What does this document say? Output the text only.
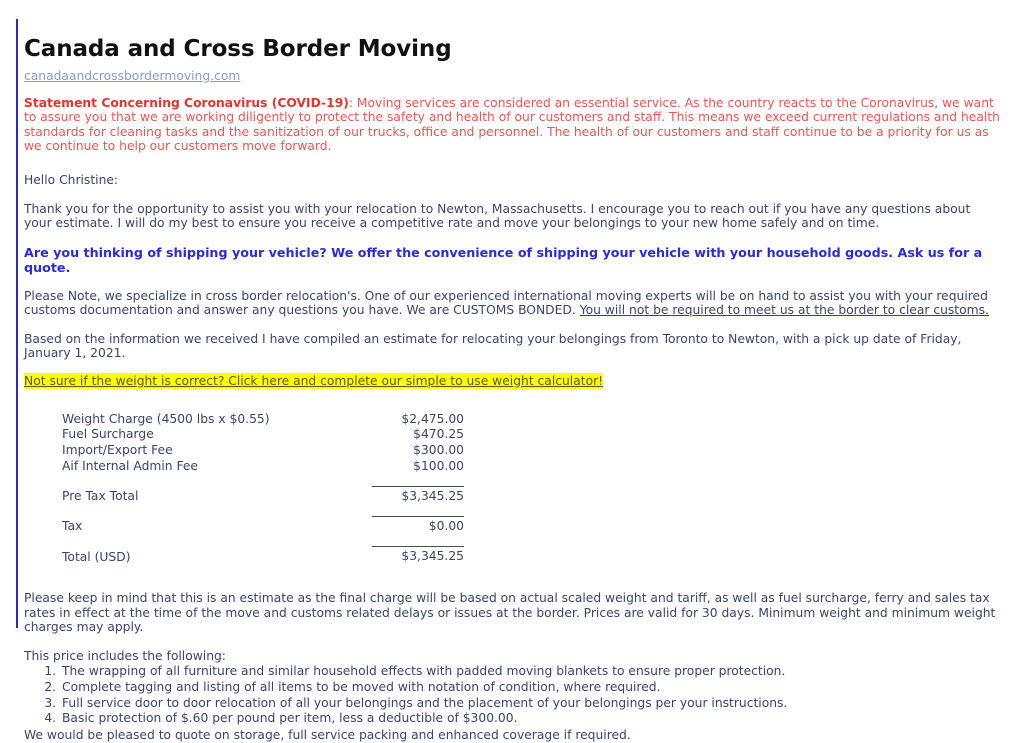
Canada and Cross Border Moving
canadaandcrossbordermoving.com

Statement Concerning Coronavirus (COVID-19): Moving services are considered an essential service. As the country reacts to the Coronavirus, we want to assure you that we are working diligently to protect the safety and health of our customers and staff. This means we exceed current regulations and health standards for cleaning tasks and the sanitization of our trucks, office and personnel. The health of our customers and staff continue to be a priority for us as we continue to help our customers move forward.

Hello Christine:

Thank you for the opportunity to assist you with your relocation to Newton, Massachusetts. I encourage you to reach out if you have any questions about your estimate. I will do my best to ensure you receive a competitive rate and move your belongings to your new home safely and on time.

Are you thinking of shipping your vehicle? We offer the convenience of shipping your vehicle with your household goods. Ask us for a quote.

Please Note, we specialize in cross border relocation's. One of our experienced international moving experts will be on hand to assist you with your required customs documentation and answer any questions you have. We are CUSTOMS BONDED. You will not be required to meet us at the border to clear customs.

Based on the information we received I have compiled an estimate for relocating your belongings from Toronto to Newton, with a pick up date of Friday, January 1, 2021.

Not sure if the weight is correct? Click here and complete our simple to use weight calculator!
Weight Charge (4500 lbs x $0.55)	$2,475.00
Fuel Surcharge	$470.25
Import/Export Fee	$300.00
Aif Internal Admin Fee	$100.00

Pre Tax Total	$3,345.25

Tax	$0.00

Total (USD)	$3,345.25

Please keep in mind that this is an estimate as the final charge will be based on actual scaled weight and tariff, as well as fuel surcharge, ferry and sales tax rates in effect at the time of the move and customs related delays or issues at the border. Prices are valid for 30 days. Minimum weight and minimum weight charges may apply.

This price includes the following:

1. The wrapping of all furniture and similar household effects with padded moving blankets to ensure proper protection.
2. Complete tagging and listing of all items to be moved with notation of condition, where required.
3. Full service door to door relocation of all your belongings and the placement of your belongings per your instructions.
4. Basic protection of $.60 per pound per item, less a deductible of $300.00.

We would be pleased to quote on storage, full service packing and enhanced coverage if required.
